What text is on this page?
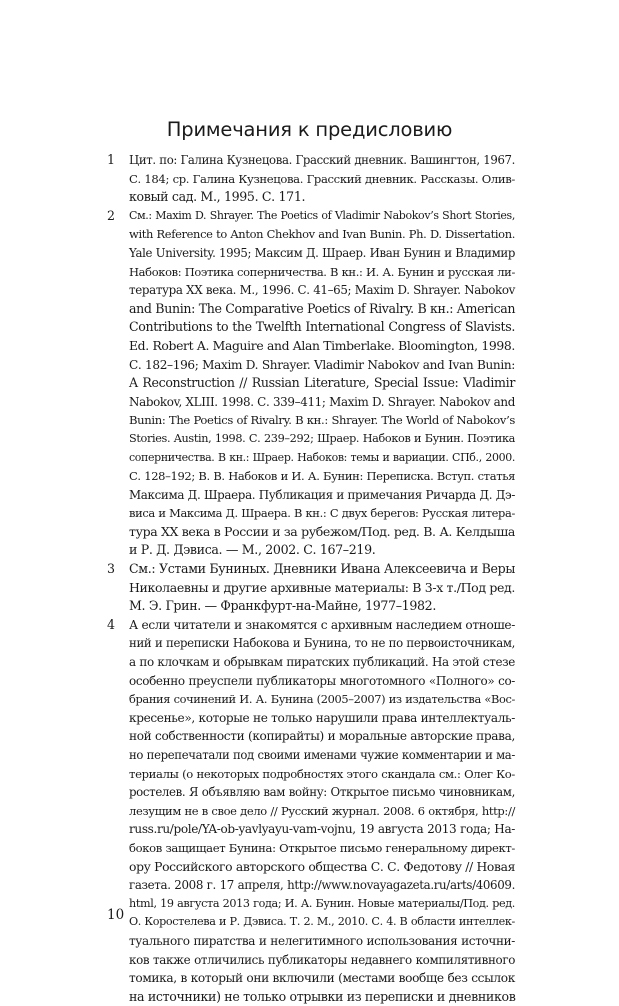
Примечания к предисловию
1	Цит. по: Галина Кузнецова. Грасский дневник. Вашингтон, 1967.
С. 184; ср. Галина Кузнецова. Грасский дневник. Рассказы. Олив-
ковый сад. М., 1995. С. 171.
2	См.: Maxim D. Shrayer. The Poetics of Vladimir Nabokov’s Short Stories,
with Reference to Anton Chekhov and Ivan Bunin. Ph. D. Dissertation.
Yale University. 1995; Максим Д. Шраер. Иван Бунин и Владимир
Набоков: Поэтика соперничества. В кн.: И. А. Бунин и русская ли-
тература XX века. М., 1996. С. 41–65; Maxim D. Shrayer. Nabokov
and Bunin: The Comparative Poetics of Rivalry. В кн.: American
Contributions to the Twelfth International Congress of Slavists.
Ed. Robert A. Maguire and Alan Timberlake. Bloomington, 1998.
С. 182–196; Maxim D. Shrayer. Vladimir Nabokov and Ivan Bunin:
A Reconstruction // Russian Literature, Special Issue: Vladimir
Nabokov, XLIII. 1998. С. 339–411; Maxim D. Shrayer. Nabokov and
Bunin: The Poetics of Rivalry. В кн.: Shrayer. The World of Nabokov’s
Stories. Austin, 1998. С. 239–292; Шраер. Набоков и Бунин. Поэтика
соперничества. В кн.: Шраер. Набоков: темы и вариации. СПб., 2000.
С. 128–192; В. В. Набоков и И. А. Бунин: Переписка. Вступ. статья
Максима Д. Шраера. Публикация и примечания Ричарда Д. Дэ-
виса и Максима Д. Шраера. В кн.: С двух берегов: Русская литера-
тура XX века в России и за рубежом/Под. ред. В. А. Келдыша
и Р. Д. Дэвиса. — М., 2002. С. 167–219.
3	См.: Устами Буниных. Дневники Ивана Алексеевича и Веры
Николаевны и другие архивные материалы: В 3-х т./Под ред.
М. Э. Грин. — Франкфурт-на-Майне, 1977–1982.
4	А если читатели и знакомятся с архивным наследием отноше-
ний и переписки Набокова и Бунина, то не по первоисточникам,
а по клочкам и обрывкам пиратских публикаций. На этой стезе
особенно преуспели публикаторы многотомного «Полного» со-
брания сочинений И. А. Бунина (2005–2007) из издательства «Вос-
кресенье», которые не только нарушили права интеллектуаль-
ной собственности (копирайты) и моральные авторские права,
но перепечатали под своими именами чужие комментарии и ма-
териалы (о некоторых подробностях этого скандала см.: Олег Ко-
ростелев. Я объявляю вам войну: Открытое письмо чиновникам,
лезущим не в свое дело // Русский журнал. 2008. 6 октября, http://
russ.ru/pole/YA-ob-yavlyayu-vam-vojnu, 19 августа 2013 года; На-
боков защищает Бунина: Открытое письмо генеральному директ-
ору Российского авторского общества С. С. Федотову // Новая
газета. 2008 г. 17 апреля, http://www.novayagazeta.ru/arts/40609.
html, 19 августа 2013 года; И. А. Бунин. Новые материалы/Под. ред.
О. Коростелева и Р. Дэвиса. Т. 2. М., 2010. С. 4. В области интеллек-
туального пиратства и нелегитимного использования источни-
ков также отличились публикаторы недавнего компилятивного
томика, в который они включили (местами вообще без ссылок
на источники) не только отрывки из переписки и дневников
10
